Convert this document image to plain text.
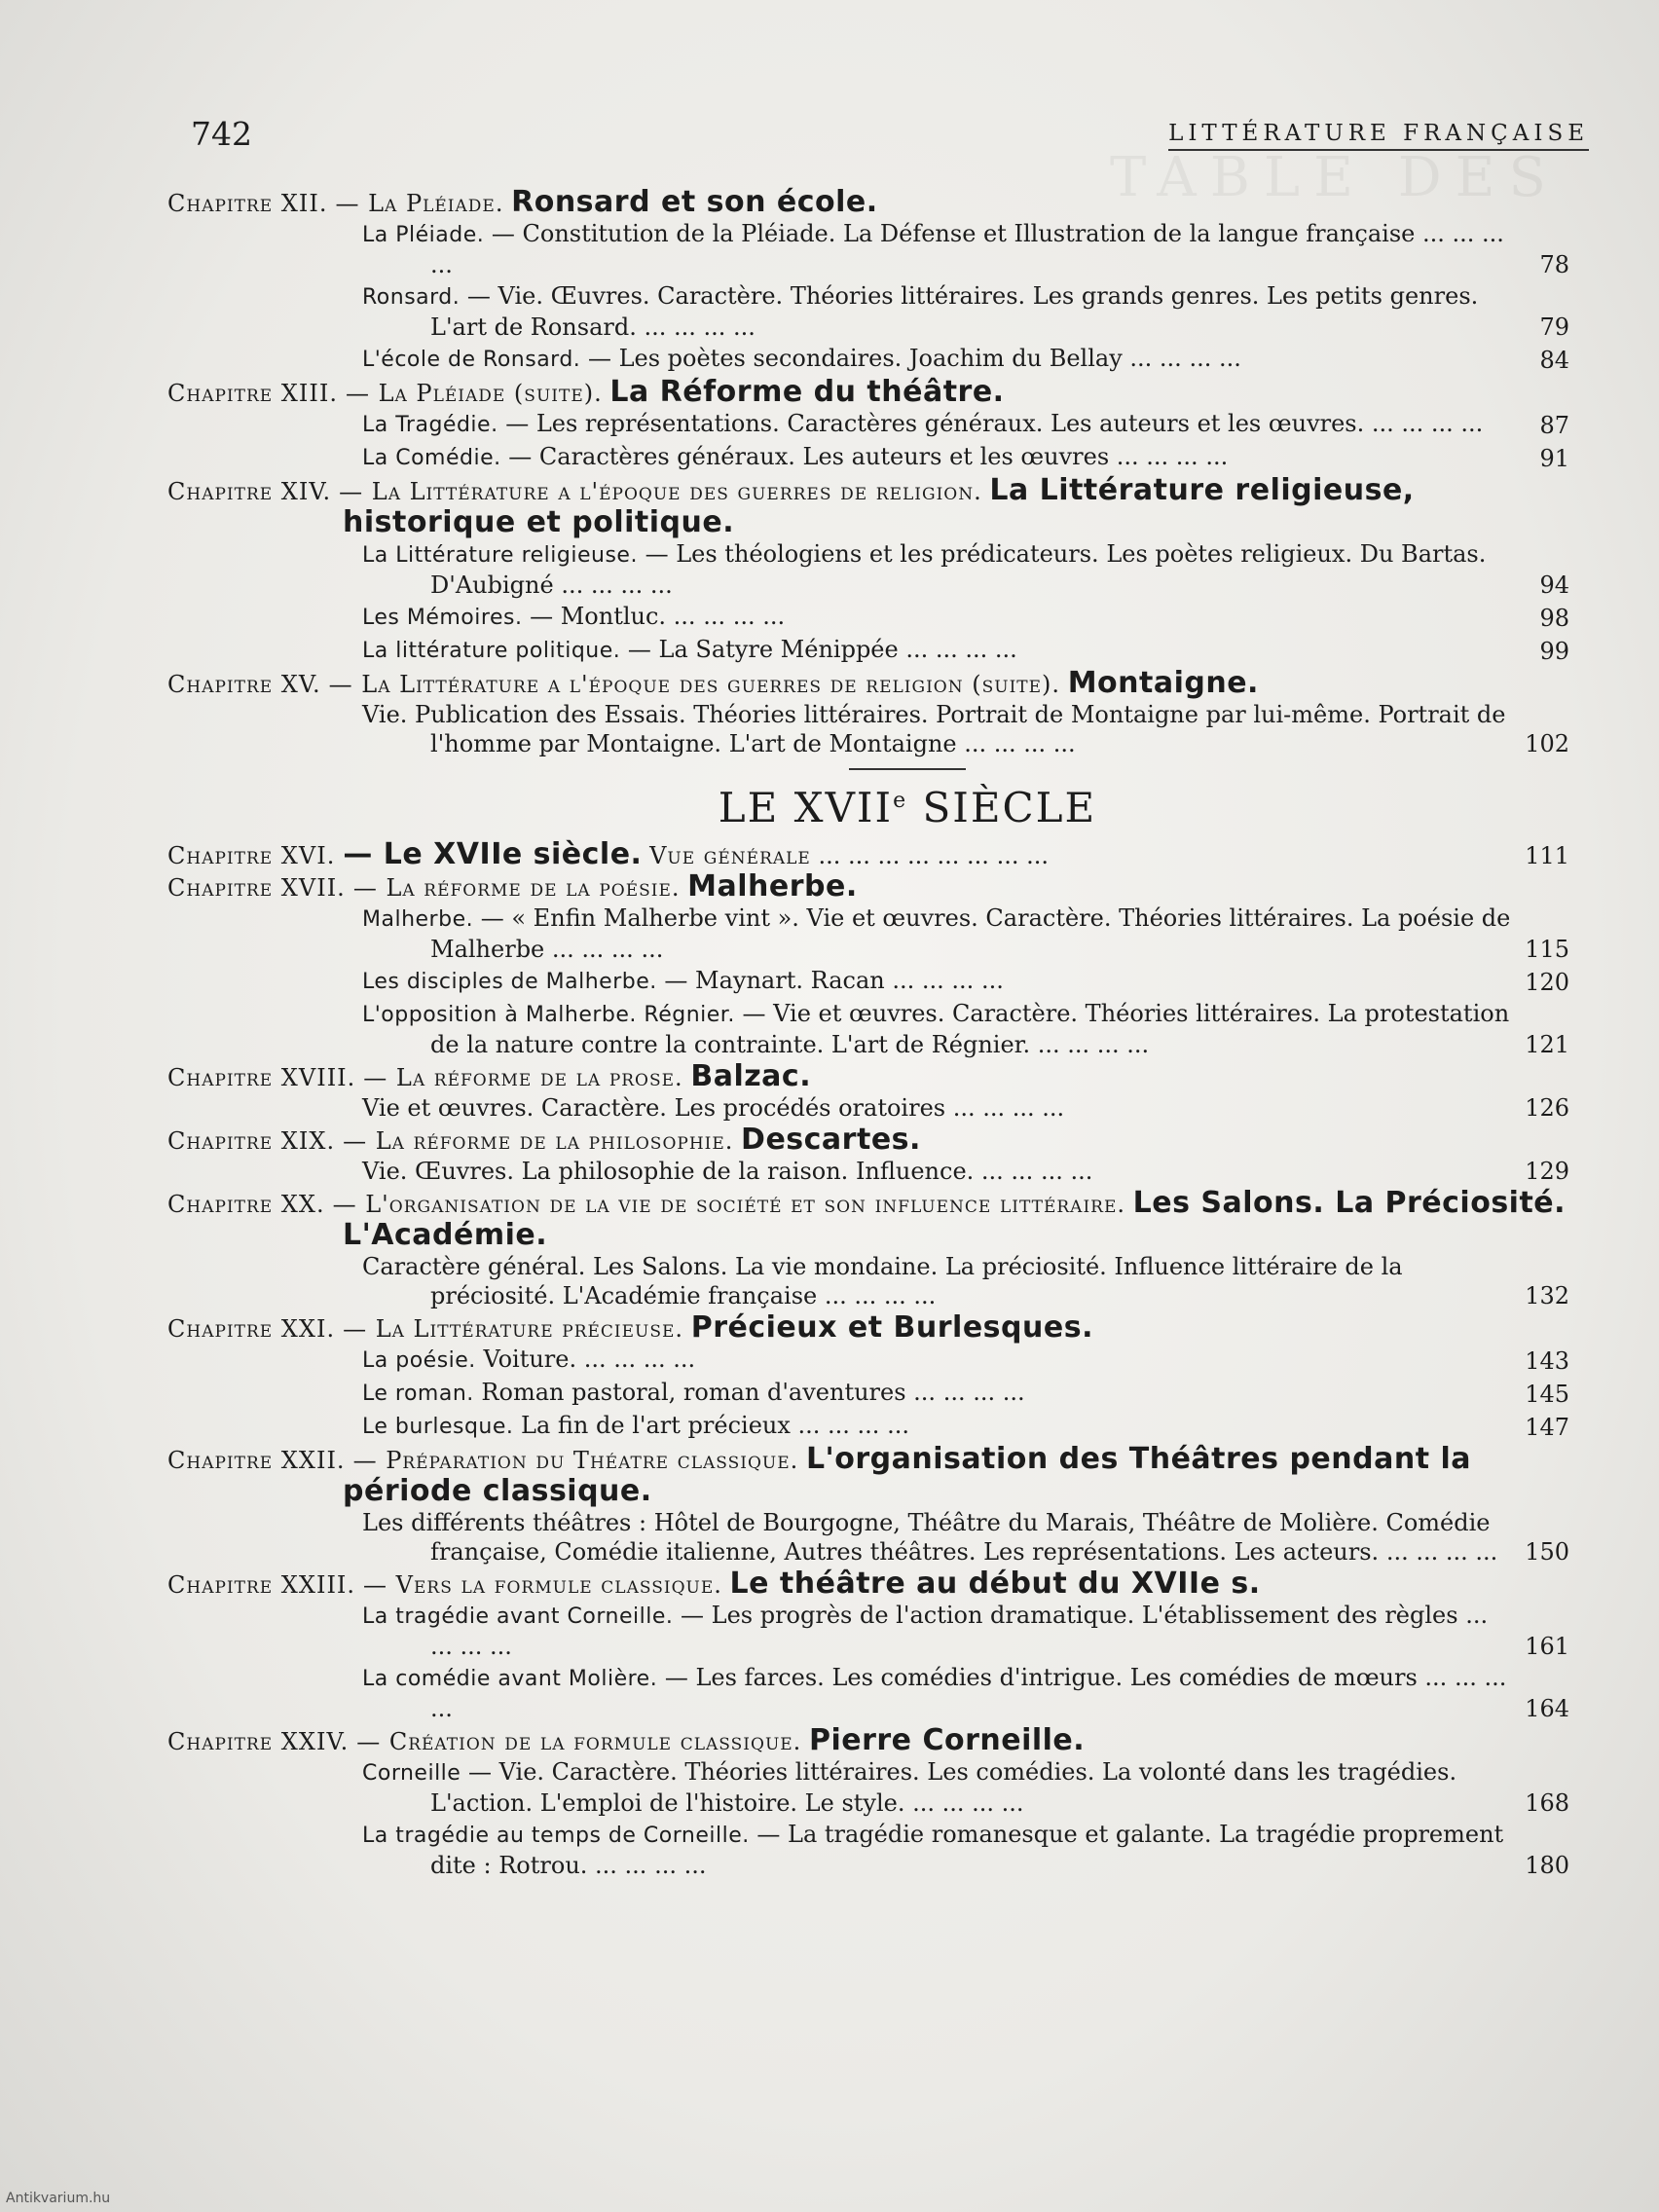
TABLE DES
742	LITTÉRATURE FRANÇAISE
Chapitre XII. — La Pléiade. Ronsard et son école.
La Pléiade. — Constitution de la Pléiade. La Défense et Illustration de la langue française ... ... ... ...	78
Ronsard. — Vie. Œuvres. Caractère. Théories littéraires. Les grands genres. Les petits genres. L'art de Ronsard. ... ... ... ...	79
L'école de Ronsard. — Les poètes secondaires. Joachim du Bellay ... ... ... ...	84
Chapitre XIII. — La Pléiade (suite). La Réforme du théâtre.
La Tragédie. — Les représentations. Caractères généraux. Les auteurs et les œuvres. ... ... ... ...	87
La Comédie. — Caractères généraux. Les auteurs et les œuvres ... ... ... ...	91
Chapitre XIV. — La Littérature a l'époque des guerres de religion. La Littérature religieuse, historique et politique.
La Littérature religieuse. — Les théologiens et les prédicateurs. Les poètes religieux. Du Bartas. D'Aubigné ... ... ... ...	94
Les Mémoires. — Montluc. ... ... ... ...	98
La littérature politique. — La Satyre Ménippée ... ... ... ...	99
Chapitre XV. — La Littérature a l'époque des guerres de religion (suite). Montaigne.
Vie. Publication des Essais. Théories littéraires. Portrait de Montaigne par lui-même. Portrait de l'homme par Montaigne. L'art de Montaigne ... ... ... ...	102
LE XVIIe SIÈCLE
Chapitre XVI. — Le XVIIe siècle. Vue générale ... ... ... ... ... ... ... ...	111
Chapitre XVII. — La réforme de la poésie. Malherbe.
Malherbe. — « Enfin Malherbe vint ». Vie et œuvres. Caractère. Théories littéraires. La poésie de Malherbe ... ... ... ...	115
Les disciples de Malherbe. — Maynart. Racan ... ... ... ...	120
L'opposition à Malherbe. Régnier. — Vie et œuvres. Caractère. Théories littéraires. La protestation de la nature contre la contrainte. L'art de Régnier. ... ... ... ...	121
Chapitre XVIII. — La réforme de la prose. Balzac.
Vie et œuvres. Caractère. Les procédés oratoires ... ... ... ...	126
Chapitre XIX. — La réforme de la philosophie. Descartes.
Vie. Œuvres. La philosophie de la raison. Influence. ... ... ... ...	129
Chapitre XX. — L'organisation de la vie de société et son influence littéraire. Les Salons. La Préciosité. L'Académie.
Caractère général. Les Salons. La vie mondaine. La préciosité. Influence littéraire de la préciosité. L'Académie française ... ... ... ...	132
Chapitre XXI. — La Littérature précieuse. Précieux et Burlesques.
La poésie. Voiture. ... ... ... ...	143
Le roman. Roman pastoral, roman d'aventures ... ... ... ...	145
Le burlesque. La fin de l'art précieux ... ... ... ...	147
Chapitre XXII. — Préparation du Théatre classique. L'organisation des Théâtres pendant la période classique.
Les différents théâtres : Hôtel de Bourgogne, Théâtre du Marais, Théâtre de Molière. Comédie française, Comédie italienne, Autres théâtres. Les représentations. Les acteurs. ... ... ... ...	150
Chapitre XXIII. — Vers la formule classique. Le théâtre au début du XVIIe s.
La tragédie avant Corneille. — Les progrès de l'action dramatique. L'établissement des règles ... ... ... ...	161
La comédie avant Molière. — Les farces. Les comédies d'intrigue. Les comédies de mœurs ... ... ... ...	164
Chapitre XXIV. — Création de la formule classique. Pierre Corneille.
Corneille — Vie. Caractère. Théories littéraires. Les comédies. La volonté dans les tragédies. L'action. L'emploi de l'histoire. Le style. ... ... ... ...	168
La tragédie au temps de Corneille. — La tragédie romanesque et galante. La tragédie proprement dite : Rotrou. ... ... ... ...	180
Antikvarium.hu
